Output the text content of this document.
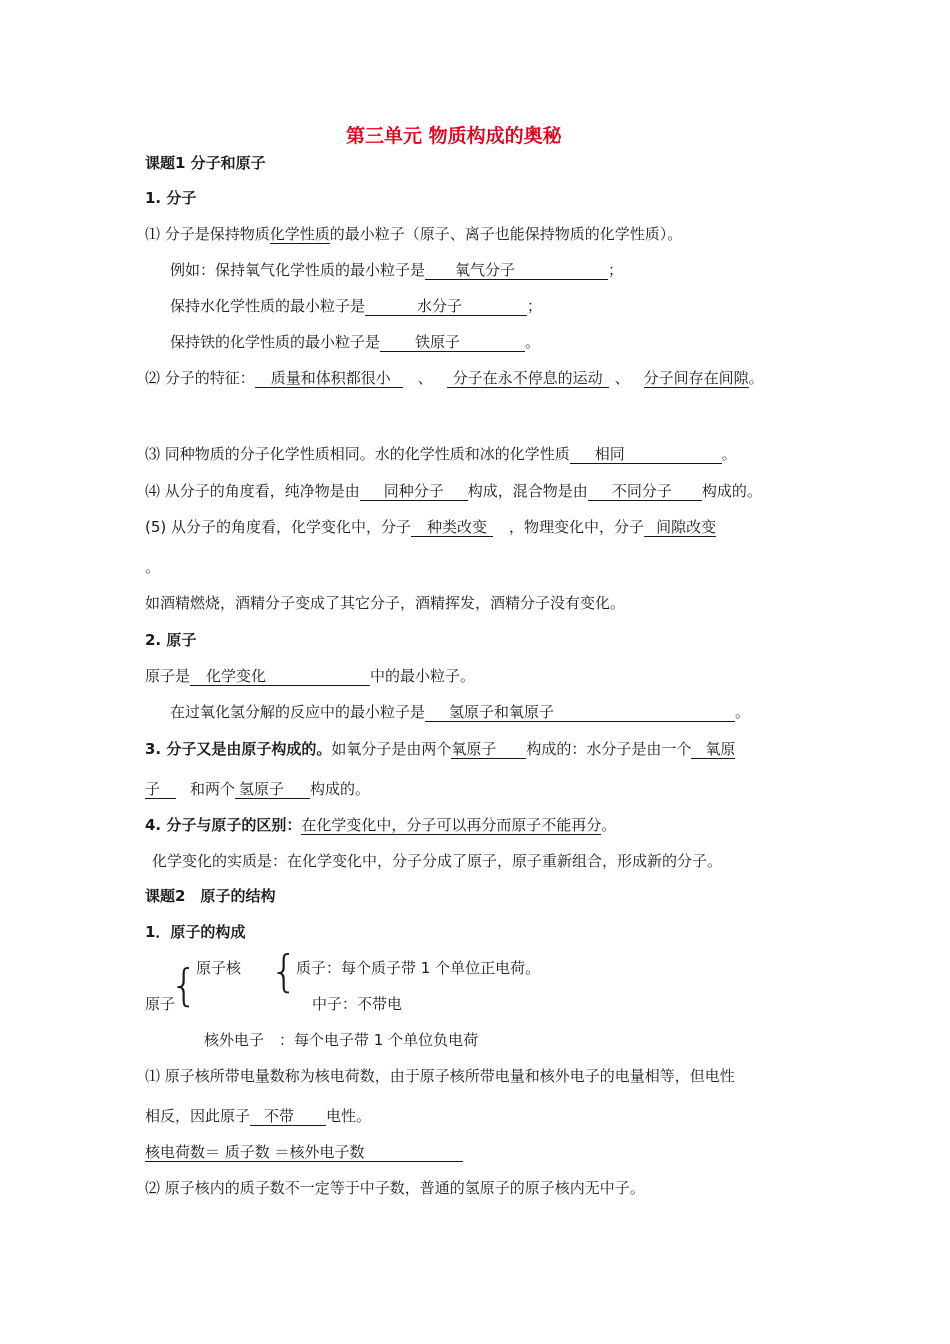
第三单元 物质构成的奥秘
课题1 分子和原子
1. 分子
⑴ 分子是保持物质化学性质的最小粒子（原子、离子也能保持物质的化学性质）。
例如：保持氧气化学性质的最小粒子是 氧气分子	；
保持水化学性质的最小粒子是	水分子	；
保持铁的化学性质的最小粒子是 铁原子	。
⑵ 分子的特征： 质量和体积都很小 、 分子在永不停息的运动 、 分子间存在间隙。
⑶ 同种物质的分子化学性质相同。水的化学性质和冰的化学性质 相同	。
⑷ 从分子的角度看，纯净物是由 同种分子 构成，混合物是由 不同分子 构成的。
(5) 从分子的角度看，化学变化中，分子 种类改变 ，物理变化中，分子 间隙改变
。
如酒精燃烧，酒精分子变成了其它分子，酒精挥发，酒精分子没有变化。
2. 原子
原子是 化学变化	中的最小粒子。
在过氧化氢分解的反应中的最小粒子是 氢原子和氧原子	。
3. 分子又是由原子构成的。如氧分子是由两个氧原子 构成的：水分子是由一个 氧原
子 和两个 氢原子 构成的。
4. 分子与原子的区别：在化学变化中，分子可以再分而原子不能再分。
化学变化的实质是：在化学变化中，分子分成了原子，原子重新组合，形成新的分子。
课题2　原子的结构
1．原子的构成
原子核
{ {
质子：每个质子带 1 个单位正电荷。
原子	中子：不带电
核外电子　：每个电子带 1 个单位负电荷
⑴ 原子核所带电量数称为核电荷数，由于原子核所带电量和核外电子的电量相等，但电性
相反，因此原子 不带 电性。
核电荷数＝ 质子数 ＝核外电子数
⑵ 原子核内的质子数不一定等于中子数，普通的氢原子的原子核内无中子。
